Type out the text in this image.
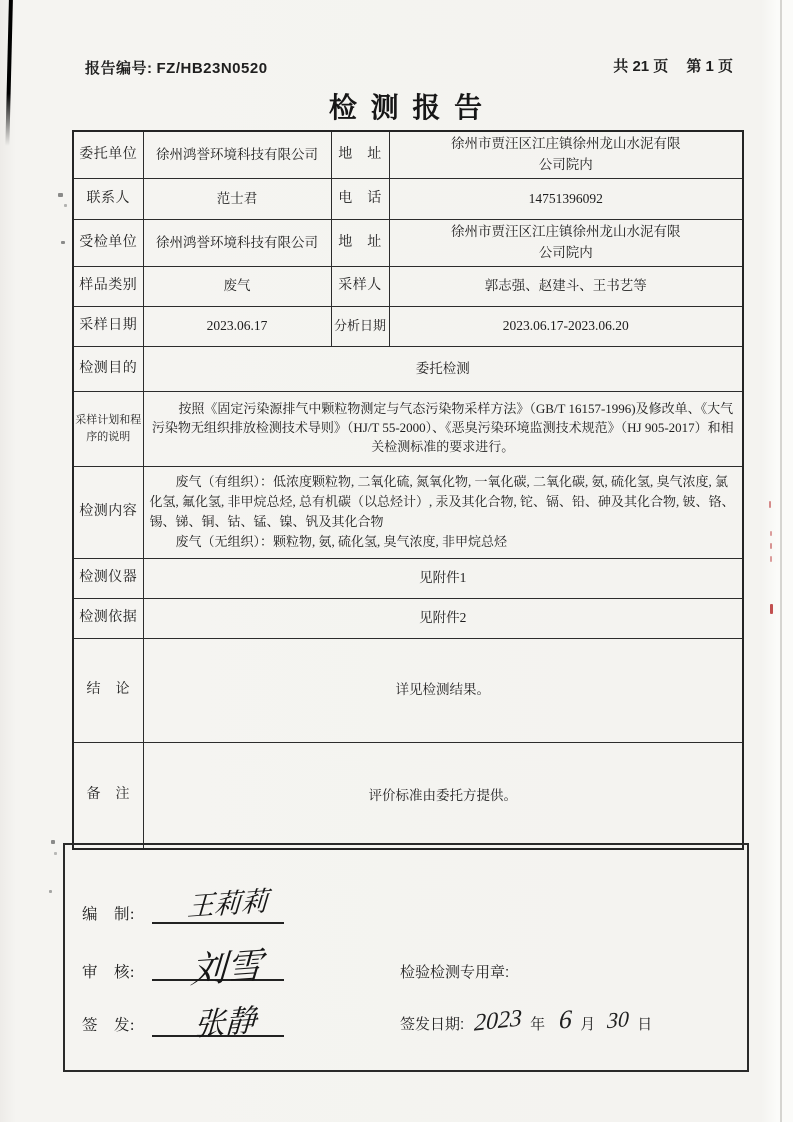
报告编号: FZ/HB23N0520	共 21 页 第 1 页
检 测 报 告
委托单位	徐州鸿誉环境科技有限公司	地　址	徐州市贾汪区江庄镇徐州龙山水泥有限公司院内
联系人	范士君	电　话	14751396092
受检单位	徐州鸿誉环境科技有限公司	地　址	徐州市贾汪区江庄镇徐州龙山水泥有限公司院内
样品类别	废气	采样人	郭志强、赵建斗、王书艺等
采样日期	2023.06.17	分析日期	2023.06.17-2023.06.20
检测目的	委托检测		
采样计划和程序的说明	按照《固定污染源排气中颗粒物测定与气态污染物采样方法》（GB/T 16157-1996)及修改单、《大气污染物无组织排放检测技术导则》（HJ/T 55-2000）、《恶臭污染环境监测技术规范》（HJ 905-2017）和相关检测标准的要求进行。		
检测内容	废气（有组织）：低浓度颗粒物, 二氧化硫, 氮氧化物, 一氧化碳, 二氧化碳, 氨, 硫化氢, 臭气浓度, 氯化氢, 氟化氢, 非甲烷总烃, 总有机碳（以总烃计）, 汞及其化合物, 铊、镉、铅、砷及其化合物, 铍、铬、锡、锑、铜、钴、锰、镍、钒及其化合物
废气（无组织）：颗粒物, 氨, 硫化氢, 臭气浓度, 非甲烷总烃		

检测仪器	见附件1		
检测依据	见附件2		
结　论	详见检测结果。		
备　注	评价标准由委托方提供。		
编　制: 王莉莉
审　核: 刘雪	检验检测专用章:
签　发: 张静	签发日期: 2023 年 6 月 30 日
